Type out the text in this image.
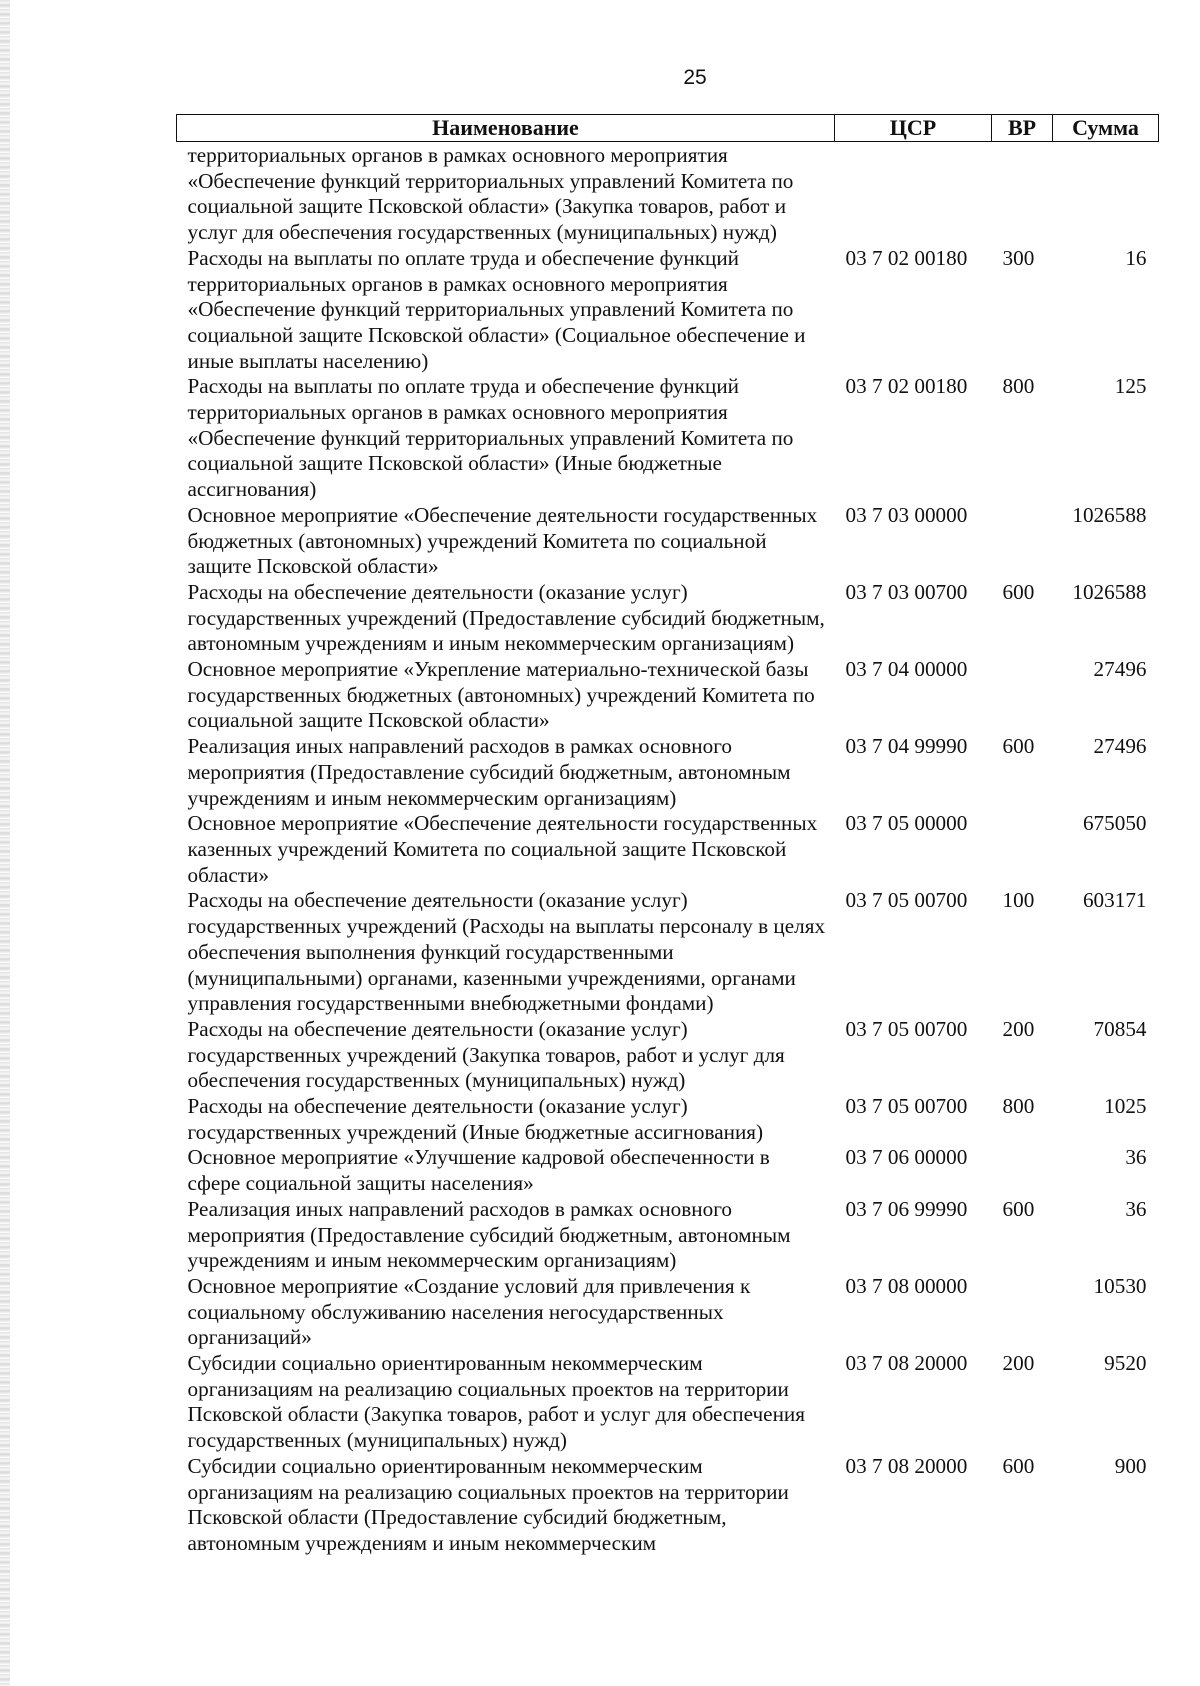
25
Наименование	ЦСР	ВР	Сумма
территориальных органов в рамках основного мероприятия «Обеспечение функций территориальных управлений Комитета по социальной защите Псковской области» (Закупка товаров, работ и услуг для обеспечения государственных (муниципальных) нужд)			
Расходы на выплаты по оплате труда и обеспечение функций территориальных органов в рамках основного мероприятия «Обеспечение функций территориальных управлений Комитета по социальной защите Псковской области» (Социальное обеспечение и иные выплаты населению)	03 7 02 00180	300	16
Расходы на выплаты по оплате труда и обеспечение функций территориальных органов в рамках основного мероприятия «Обеспечение функций территориальных управлений Комитета по социальной защите Псковской области» (Иные бюджетные ассигнования)	03 7 02 00180	800	125
Основное мероприятие «Обеспечение деятельности государственных бюджетных (автономных) учреждений Комитета по социальной защите Псковской области»	03 7 03 00000		1026588
Расходы на обеспечение деятельности (оказание услуг) государственных учреждений (Предоставление субсидий бюджетным, автономным учреждениям и иным некоммерческим организациям)	03 7 03 00700	600	1026588
Основное мероприятие «Укрепление материально-технической базы государственных бюджетных (автономных) учреждений Комитета по социальной защите Псковской области»	03 7 04 00000		27496
Реализация иных направлений расходов в рамках основного мероприятия (Предоставление субсидий бюджетным, автономным учреждениям и иным некоммерческим организациям)	03 7 04 99990	600	27496
Основное мероприятие «Обеспечение деятельности государственных казенных учреждений Комитета по социальной защите Псковской области»	03 7 05 00000		675050
Расходы на обеспечение деятельности (оказание услуг) государственных учреждений (Расходы на выплаты персоналу в целях обеспечения выполнения функций государственными (муниципальными) органами, казенными учреждениями, органами управления государственными внебюджетными фондами)	03 7 05 00700	100	603171
Расходы на обеспечение деятельности (оказание услуг) государственных учреждений (Закупка товаров, работ и услуг для обеспечения государственных (муниципальных) нужд)	03 7 05 00700	200	70854
Расходы на обеспечение деятельности (оказание услуг) государственных учреждений (Иные бюджетные ассигнования)	03 7 05 00700	800	1025
Основное мероприятие «Улучшение кадровой обеспеченности в сфере социальной защиты населения»	03 7 06 00000		36
Реализация иных направлений расходов в рамках основного мероприятия (Предоставление субсидий бюджетным, автономным учреждениям и иным некоммерческим организациям)	03 7 06 99990	600	36
Основное мероприятие «Создание условий для привлечения к социальному обслуживанию населения негосударственных организаций»	03 7 08 00000		10530
Субсидии социально ориентированным некоммерческим организациям на реализацию социальных проектов на территории Псковской области (Закупка товаров, работ и услуг для обеспечения государственных (муниципальных) нужд)	03 7 08 20000	200	9520
Субсидии социально ориентированным некоммерческим организациям на реализацию социальных проектов на территории Псковской области (Предоставление субсидий бюджетным, автономным учреждениям и иным некоммерческим	03 7 08 20000	600	900
